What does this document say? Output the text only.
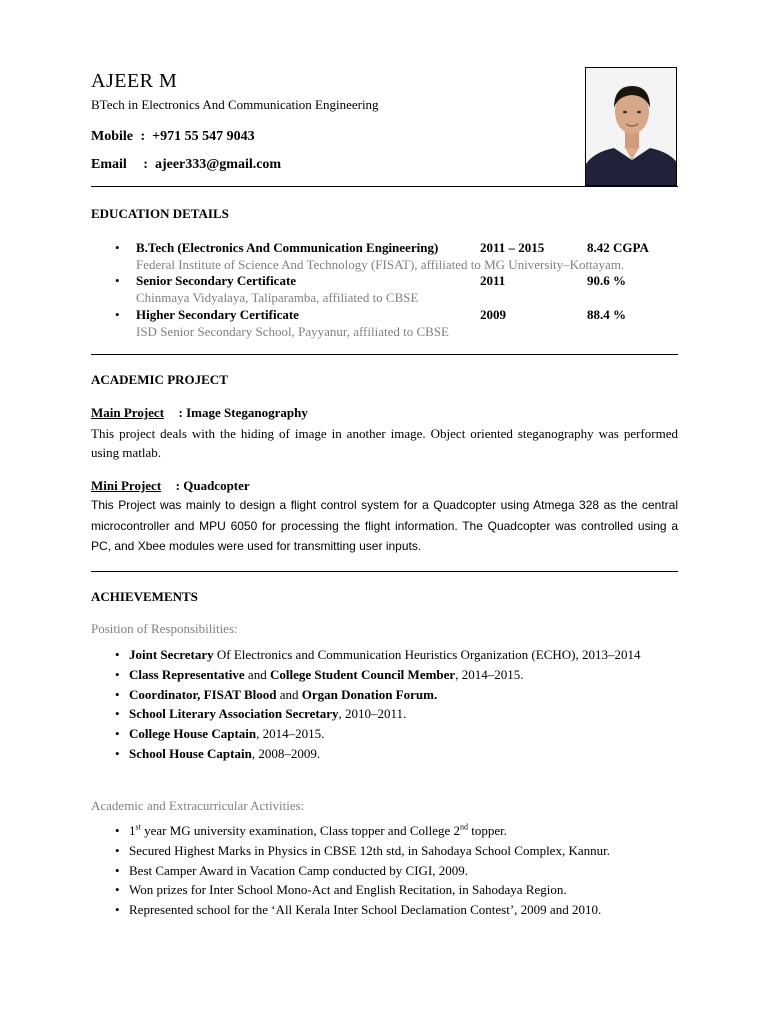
AJEER M
BTech in Electronics And Communication Engineering
Mobile :  +971 55 547 9043
Email :  ajeer333@gmail.com
EDUCATION DETAILS
• B.Tech (Electronics And Communication Engineering)	2011 – 2015	8.42 CGPA
Federal Institute of Science And Technology (FISAT), affiliated to MG University–Kottayam.
• Senior Secondary Certificate	2011	90.6 %
Chinmaya Vidyalaya, Taliparamba, affiliated to CBSE
• Higher Secondary Certificate	2009	88.4 %
ISD Senior Secondary School, Payyanur, affiliated to CBSE
ACADEMIC PROJECT
Main Project : Image Steganography
This project deals with the hiding of image in another image. Object oriented steganography was performed using matlab.
Mini Project : Quadcopter
This Project was mainly to design a flight control system for a Quadcopter using Atmega 328 as the central microcontroller and MPU 6050 for processing the flight information. The Quadcopter was controlled using a PC, and Xbee modules were used for transmitting user inputs.
ACHIEVEMENTS
Position of Responsibilities:
• Joint Secretary Of Electronics and Communication Heuristics Organization (ECHO), 2013–2014
• Class Representative and College Student Council Member, 2014–2015.
• Coordinator, FISAT Blood and Organ Donation Forum.
• School Literary Association Secretary, 2010–2011.
• College House Captain, 2014–2015.
• School House Captain, 2008–2009.
Academic and Extracurricular Activities:
• 1st year MG university examination, Class topper and College 2nd topper.
• Secured Highest Marks in Physics in CBSE 12th std, in Sahodaya School Complex, Kannur.
• Best Camper Award in Vacation Camp conducted by CIGI, 2009.
• Won prizes for Inter School Mono-Act and English Recitation, in Sahodaya Region.
• Represented school for the ‘All Kerala Inter School Declamation Contest’, 2009 and 2010.
